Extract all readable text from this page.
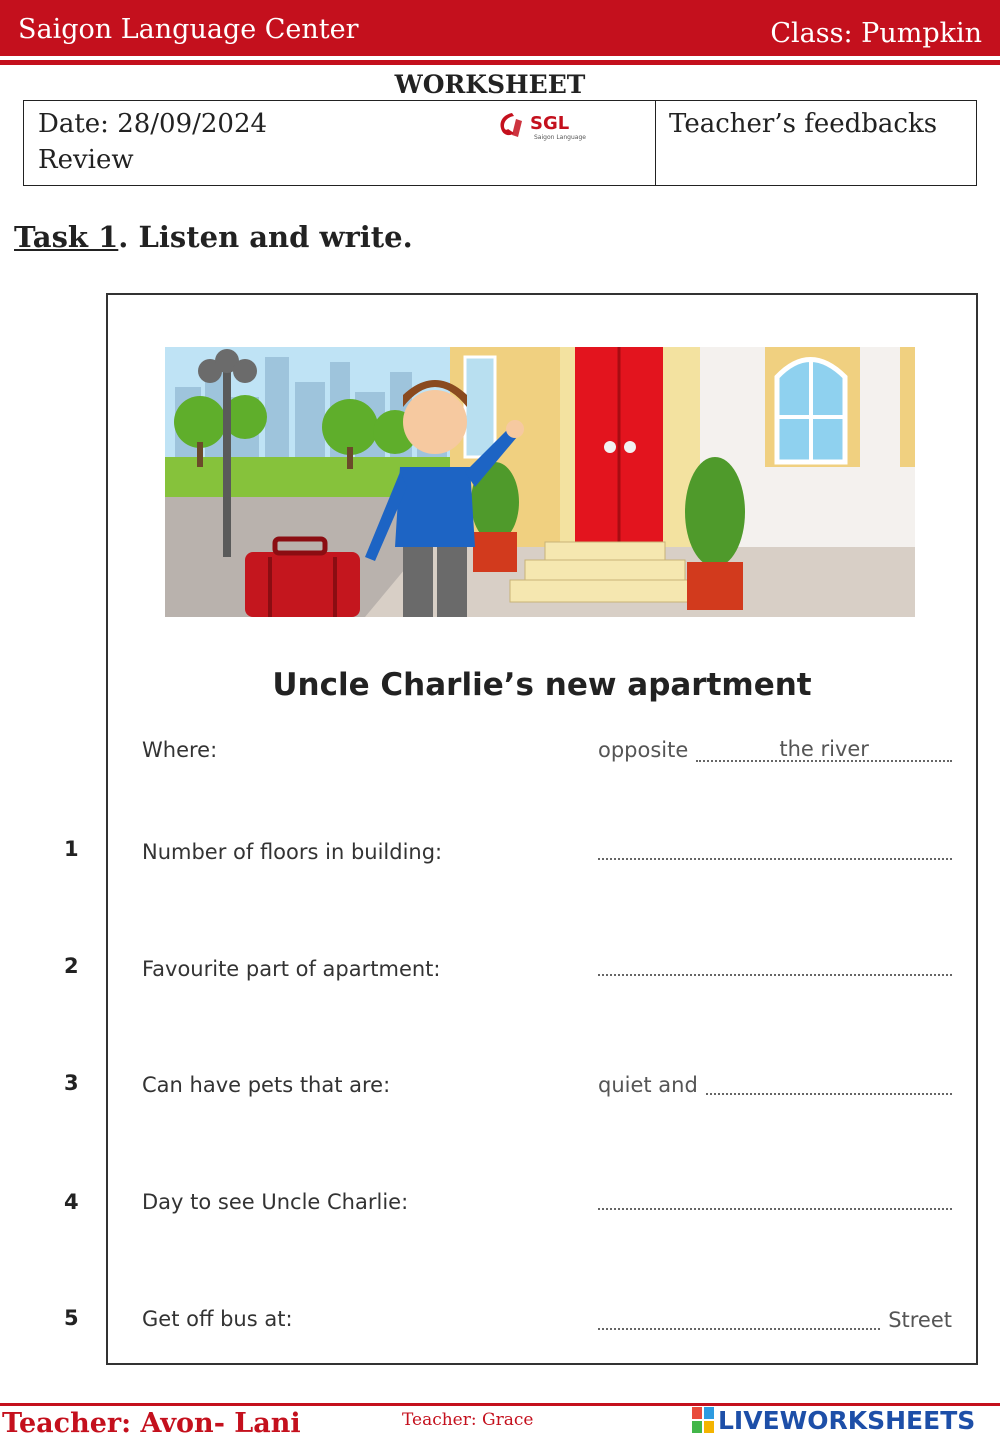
Saigon Language Center	Class: Pumpkin
WORKSHEET
Date: 28/09/2024
Review
SGL
Saigon Language	Teacher’s feedbacks
Task 1. Listen and write.
Uncle Charlie’s new apartment
Where:	opposite	the river
1	Number of floors in building:
2	Favourite part of apartment:
3	Can have pets that are:	quiet and
4	Day to see Uncle Charlie:
5	Get off bus at:	Street
Teacher: Avon- Lani	Teacher: Grace	LIVEWORKSHEETS
